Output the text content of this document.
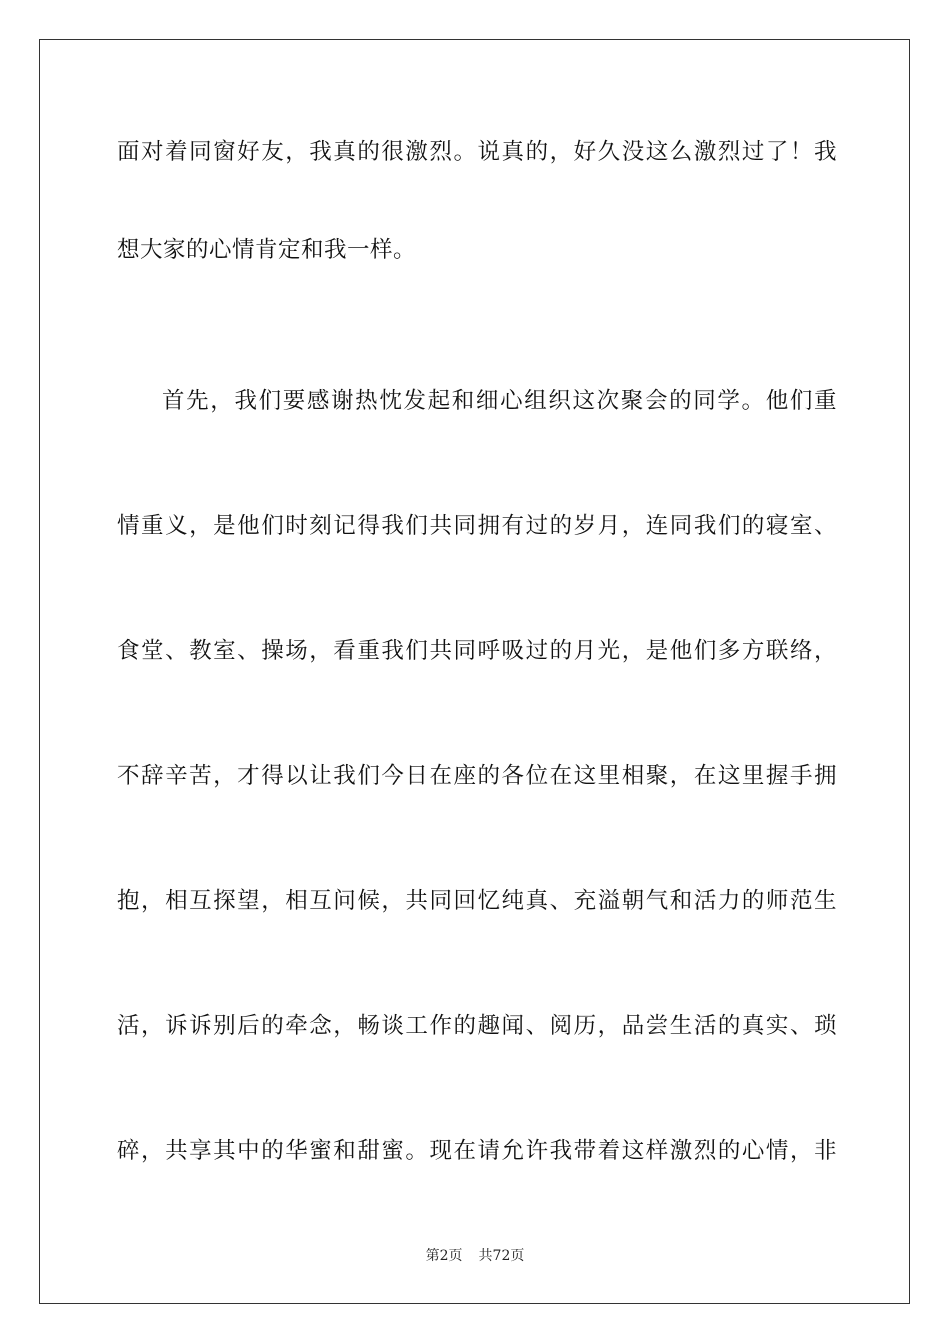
面对着同窗好友，我真的很激烈。说真的，好久没这么激烈过了！我
想大家的心情肯定和我一样。
首先，我们要感谢热忱发起和细心组织这次聚会的同学。他们重
情重义，是他们时刻记得我们共同拥有过的岁月，连同我们的寝室、
食堂、教室、操场，看重我们共同呼吸过的月光，是他们多方联络，
不辞辛苦，才得以让我们今日在座的各位在这里相聚，在这里握手拥
抱，相互探望，相互问候，共同回忆纯真、充溢朝气和活力的师范生
活，诉诉别后的牵念，畅谈工作的趣闻、阅历，品尝生活的真实、琐
碎，共享其中的华蜜和甜蜜。现在请允许我带着这样激烈的心情，非
第2页 共72页
